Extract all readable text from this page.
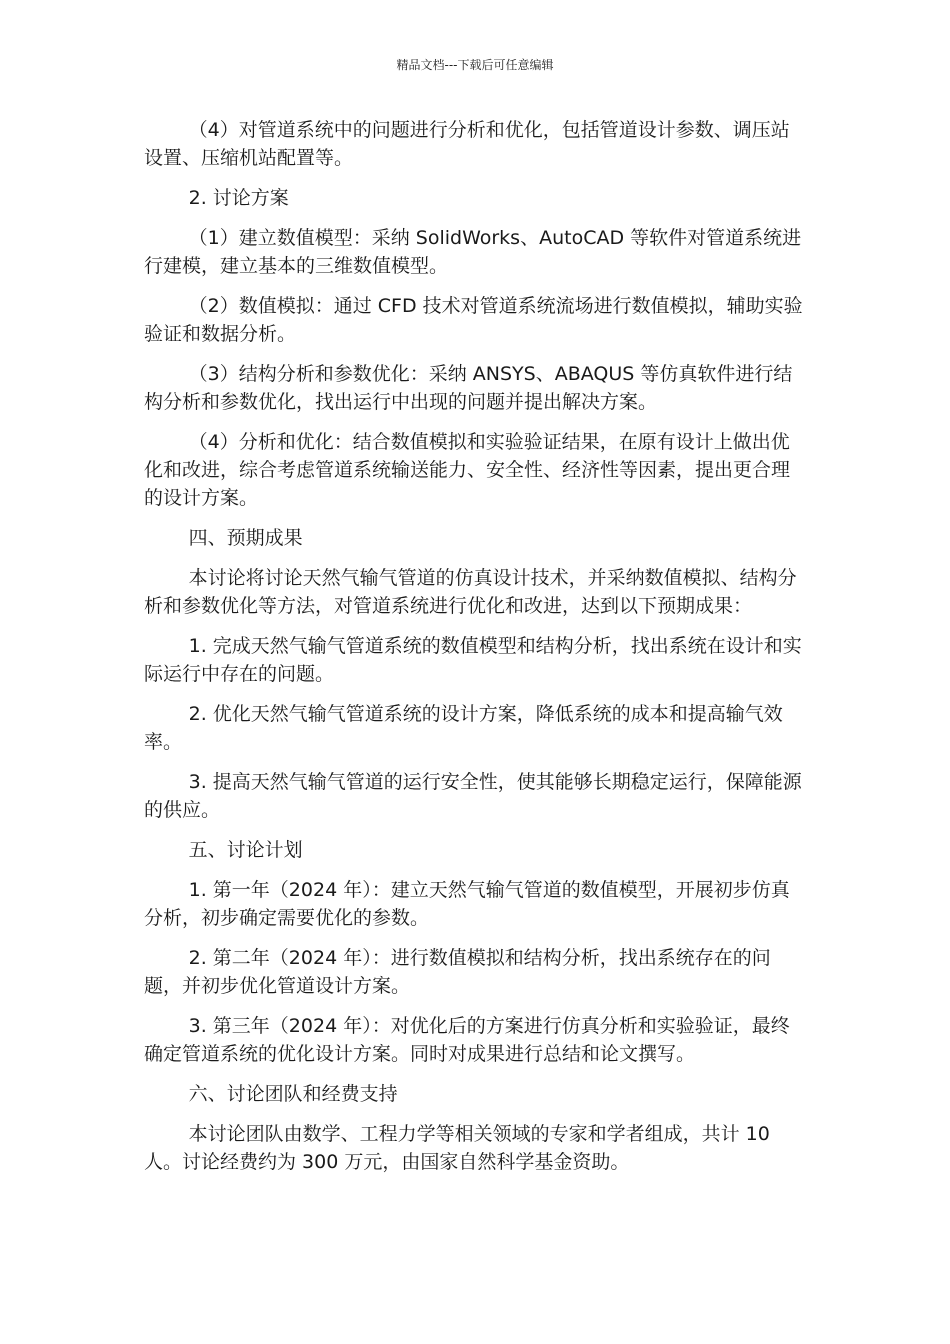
精品文档---下载后可任意编辑

（4）对管道系统中的问题进行分析和优化，包括管道设计参数、调压站设置、压缩机站配置等。

2. 讨论方案

（1）建立数值模型：采纳 SolidWorks、AutoCAD 等软件对管道系统进行建模，建立基本的三维数值模型。

（2）数值模拟：通过 CFD 技术对管道系统流场进行数值模拟，辅助实验验证和数据分析。

（3）结构分析和参数优化：采纳 ANSYS、ABAQUS 等仿真软件进行结构分析和参数优化，找出运行中出现的问题并提出解决方案。

（4）分析和优化：结合数值模拟和实验验证结果，在原有设计上做出优化和改进，综合考虑管道系统输送能力、安全性、经济性等因素，提出更合理的设计方案。

四、预期成果

本讨论将讨论天然气输气管道的仿真设计技术，并采纳数值模拟、结构分析和参数优化等方法，对管道系统进行优化和改进，达到以下预期成果：

1. 完成天然气输气管道系统的数值模型和结构分析，找出系统在设计和实际运行中存在的问题。

2. 优化天然气输气管道系统的设计方案，降低系统的成本和提高输气效率。

3. 提高天然气输气管道的运行安全性，使其能够长期稳定运行，保障能源的供应。

五、讨论计划

1. 第一年（2024 年）：建立天然气输气管道的数值模型，开展初步仿真分析，初步确定需要优化的参数。

2. 第二年（2024 年）：进行数值模拟和结构分析，找出系统存在的问题，并初步优化管道设计方案。

3. 第三年（2024 年）：对优化后的方案进行仿真分析和实验验证，最终确定管道系统的优化设计方案。同时对成果进行总结和论文撰写。

六、讨论团队和经费支持

本讨论团队由数学、工程力学等相关领域的专家和学者组成，共计 10 人。讨论经费约为 300 万元，由国家自然科学基金资助。
